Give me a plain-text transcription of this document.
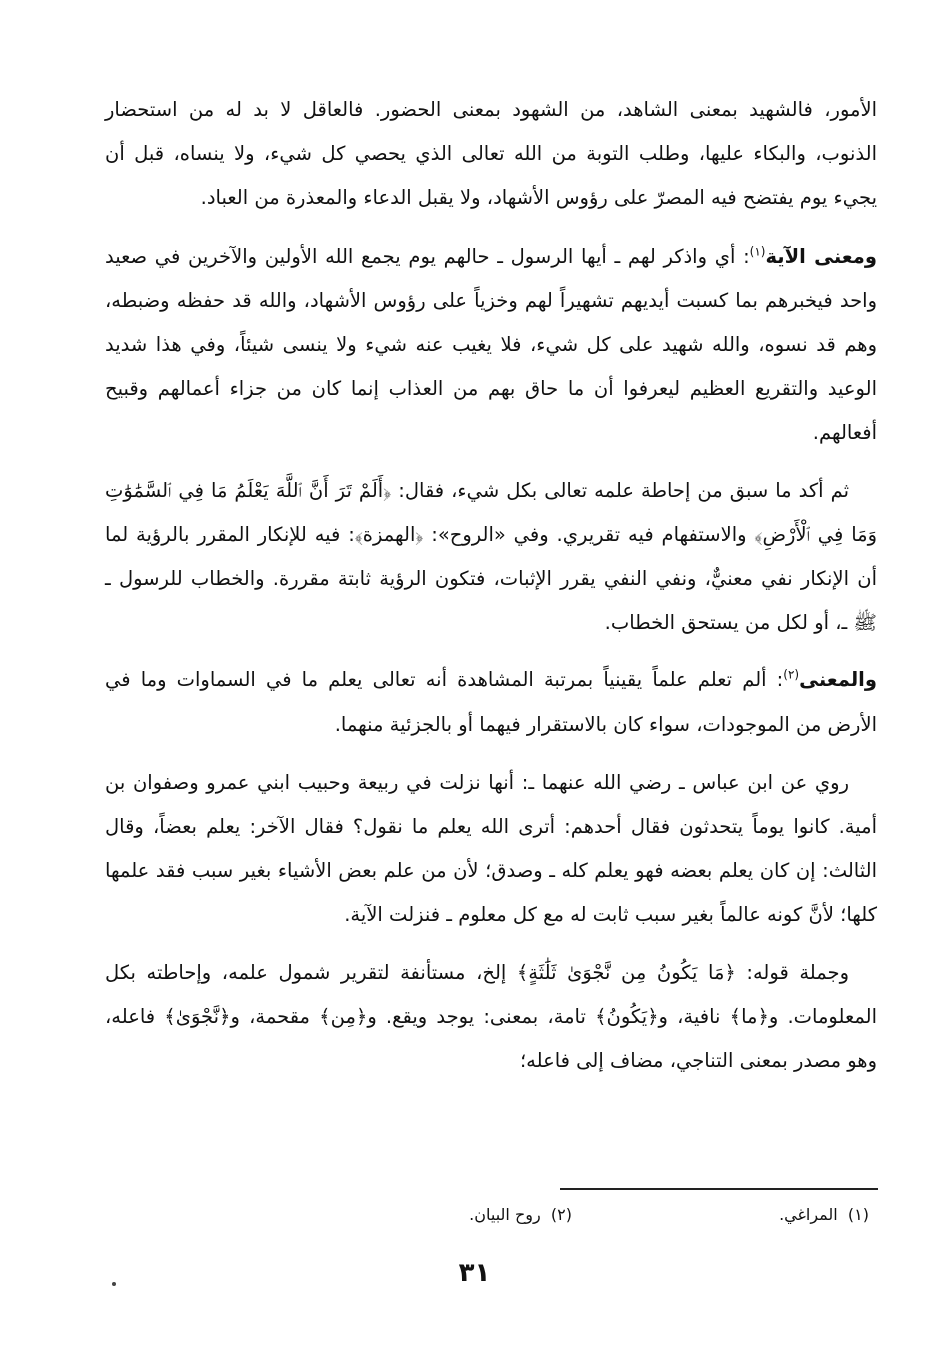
الأمور، فالشهيد بمعنى الشاهد، من الشهود بمعنى الحضور. فالعاقل لا بد له من استحضار الذنوب، والبكاء عليها، وطلب التوبة من الله تعالى الذي يحصي كل شيء، ولا ينساه، قبل أن يجيء يوم يفتضح فيه المصرّ على رؤوس الأشهاد، ولا يقبل الدعاء والمعذرة من العباد.

ومعنى الآية$^{(١)}$: أي واذكر لهم ـ أيها الرسول ـ حالهم يوم يجمع الله الأولين والآخرين في صعيد واحد فيخبرهم بما كسبت أيديهم تشهيراً لهم وخزياً على رؤوس الأشهاد، والله قد حفظه وضبطه، وهم قد نسوه، والله شهيد على كل شيء، فلا يغيب عنه شيء ولا ينسى شيئاً، وفي هذا شديد الوعيد والتقريع العظيم ليعرفوا أن ما حاق بهم من العذاب إنما كان من جزاء أعمالهم وقبيح أفعالهم.

ثم أكد ما سبق من إحاطة علمه تعالى بكل شيء، فقال: ﴿أَلَمْ تَرَ أَنَّ ٱللَّهَ يَعْلَمُ مَا فِي ٱلسَّمَٰوَٰتِ وَمَا فِي ٱلْأَرْضِ﴾ والاستفهام فيه تقريري. وفي «الروح»: ﴿الهمزة﴾: فيه للإنكار المقرر بالرؤية لما أن الإنكار نفي معنيٌّ، ونفي النفي يقرر الإثبات، فتكون الرؤية ثابتة مقررة. والخطاب للرسول ـ ﷺ ـ، أو لكل من يستحق الخطاب.

والمعنى$^{(٢)}$: ألم تعلم علماً يقينياً بمرتبة المشاهدة أنه تعالى يعلم ما في السماوات وما في الأرض من الموجودات، سواء كان بالاستقرار فيهما أو بالجزئية منهما.

روي عن ابن عباس ـ رضي الله عنهما ـ: أنها نزلت في ربيعة وحبيب ابني عمرو وصفوان بن أمية. كانوا يوماً يتحدثون فقال أحدهم: أترى الله يعلم ما نقول؟ فقال الآخر: يعلم بعضاً، وقال الثالث: إن كان يعلم بعضه فهو يعلم كله ـ وصدق؛ لأن من علم بعض الأشياء بغير سبب فقد علمها كلها؛ لأنَّ كونه عالماً بغير سبب ثابت له مع كل معلوم ـ فنزلت الآية.

وجملة قوله: ﴿مَا يَكُونُ مِن نَّجْوَىٰ ثَلَٰثَةٍ﴾ إلخ، مستأنفة لتقرير شمول علمه، وإحاطته بكل المعلومات. و﴿ما﴾ نافية، و﴿يَكُونُ﴾ تامة، بمعنى: يوجد ويقع. و﴿مِن﴾ مقحمة، و﴿نَّجْوَىٰ﴾ فاعله، وهو مصدر بمعنى التناجي، مضاف إلى فاعله؛

(١)  المراغي.
(٢)  روح البيان.
٣١
